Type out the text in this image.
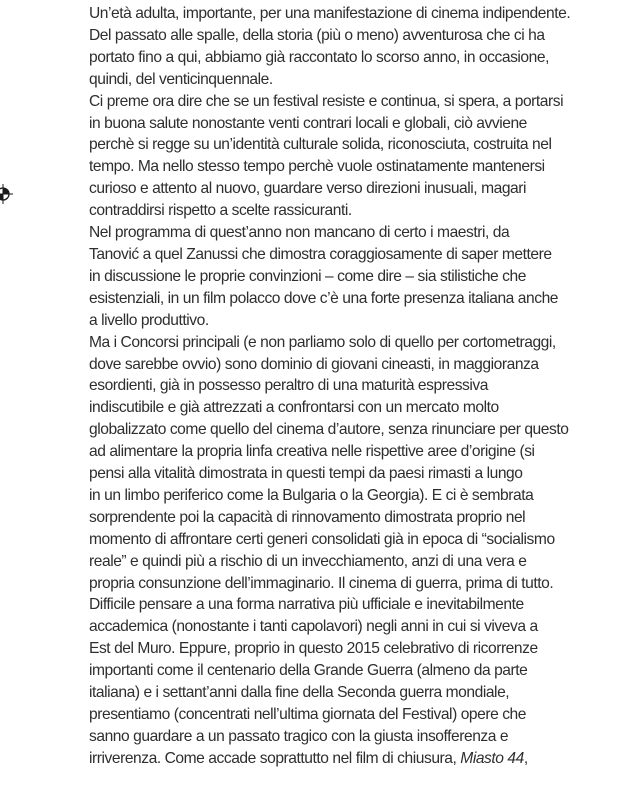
Un’età adulta, importante, per una manifestazione di cinema indipendente.
Del passato alle spalle, della storia (più o meno) avventurosa che ci ha
portato fino a qui, abbiamo già raccontato lo scorso anno, in occasione,
quindi, del venticinquennale.

Ci preme ora dire che se un festival resiste e continua, si spera, a portarsi
in buona salute nonostante venti contrari locali e globali, ciò avviene
perchè si regge su un’identità culturale solida, riconosciuta, costruita nel
tempo. Ma nello stesso tempo perchè vuole ostinatamente mantenersi
curioso e attento al nuovo, guardare verso direzioni inusuali, magari
contraddirsi rispetto a scelte rassicuranti.

Nel programma di quest’anno non mancano di certo i maestri, da
Tanović a quel Zanussi che dimostra coraggiosamente di saper mettere
in discussione le proprie convinzioni – come dire – sia stilistiche che
esistenziali, in un film polacco dove c’è una forte presenza italiana anche
a livello produttivo.

Ma i Concorsi principali (e non parliamo solo di quello per cortometraggi,
dove sarebbe ovvio) sono dominio di giovani cineasti, in maggioranza
esordienti, già in possesso peraltro di una maturità espressiva
indiscutibile e già attrezzati a confrontarsi con un mercato molto
globalizzato come quello del cinema d’autore, senza rinunciare per questo
ad alimentare la propria linfa creativa nelle rispettive aree d’origine (si
pensi alla vitalità dimostrata in questi tempi da paesi rimasti a lungo
in un limbo periferico come la Bulgaria o la Georgia). E ci è sembrata
sorprendente poi la capacità di rinnovamento dimostrata proprio nel
momento di affrontare certi generi consolidati già in epoca di “socialismo
reale” e quindi più a rischio di un invecchiamento, anzi di una vera e
propria consunzione dell’immaginario. Il cinema di guerra, prima di tutto.
Difficile pensare a una forma narrativa più ufficiale e inevitabilmente
accademica (nonostante i tanti capolavori) negli anni in cui si viveva a
Est del Muro. Eppure, proprio in questo 2015 celebrativo di ricorrenze
importanti come il centenario della Grande Guerra (almeno da parte
italiana) e i settant’anni dalla fine della Seconda guerra mondiale,
presentiamo (concentrati nell’ultima giornata del Festival) opere che
sanno guardare a un passato tragico con la giusta insofferenza e
irriverenza. Come accade soprattutto nel film di chiusura, Miasto 44,
